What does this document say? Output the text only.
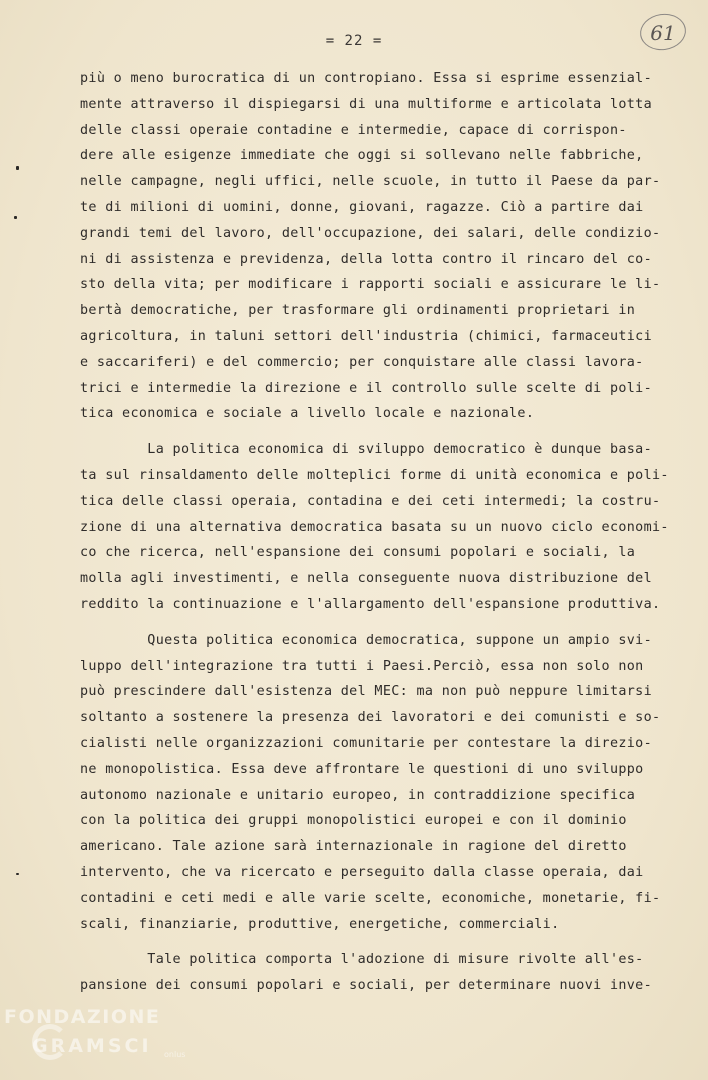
= 22 =	61
più o meno burocratica di un contropiano. Essa si esprime essenzial-
mente attraverso il dispiegarsi di una multiforme e articolata lotta
delle classi operaie contadine e intermedie, capace di corrispon-
dere alle esigenze immediate che oggi si sollevano nelle fabbriche,
nelle campagne, negli uffici, nelle scuole, in tutto il Paese da par-
te di milioni di uomini, donne, giovani, ragazze. Ciò a partire dai
grandi temi del lavoro, dell'occupazione, dei salari, delle condizio-
ni di assistenza e previdenza, della lotta contro il rincaro del co-
sto della vita; per modificare i rapporti sociali e assicurare le li-
bertà democratiche, per trasformare gli ordinamenti proprietari in
agricoltura, in taluni settori dell'industria (chimici, farmaceutici
e saccariferi) e del commercio; per conquistare alle classi lavora-
trici e intermedie la direzione e il controllo sulle scelte di poli-
tica economica e sociale a livello locale e nazionale.
La politica economica di sviluppo democratico è dunque basa-
ta sul rinsaldamento delle molteplici forme di unità economica e poli-
tica delle classi operaia, contadina e dei ceti intermedi; la costru-
zione di una alternativa democratica basata su un nuovo ciclo economi-
co che ricerca, nell'espansione dei consumi popolari e sociali, la
molla agli investimenti, e nella conseguente nuova distribuzione del
reddito la continuazione e l'allargamento dell'espansione produttiva.
Questa politica economica democratica, suppone un ampio svi-
luppo dell'integrazione tra tutti i Paesi.Perciò, essa non solo non
può prescindere dall'esistenza del MEC: ma non può neppure limitarsi
soltanto a sostenere la presenza dei lavoratori e dei comunisti e so-
cialisti nelle organizzazioni comunitarie per contestare la direzio-
ne monopolistica. Essa deve affrontare le questioni di uno sviluppo
autonomo nazionale e unitario europeo, in contraddizione specifica
con la politica dei gruppi monopolistici europei e con il dominio
americano. Tale azione sarà internazionale in ragione del diretto
intervento, che va ricercato e perseguito dalla classe operaia, dai
contadini e ceti medi e alle varie scelte, economiche, monetarie, fi-
scali, finanziarie, produttive, energetiche, commerciali.
Tale politica comporta l'adozione di misure rivolte all'es-
pansione dei consumi popolari e sociali, per determinare nuovi inve-
FONDAZIONE
GRAMSCI onlus
